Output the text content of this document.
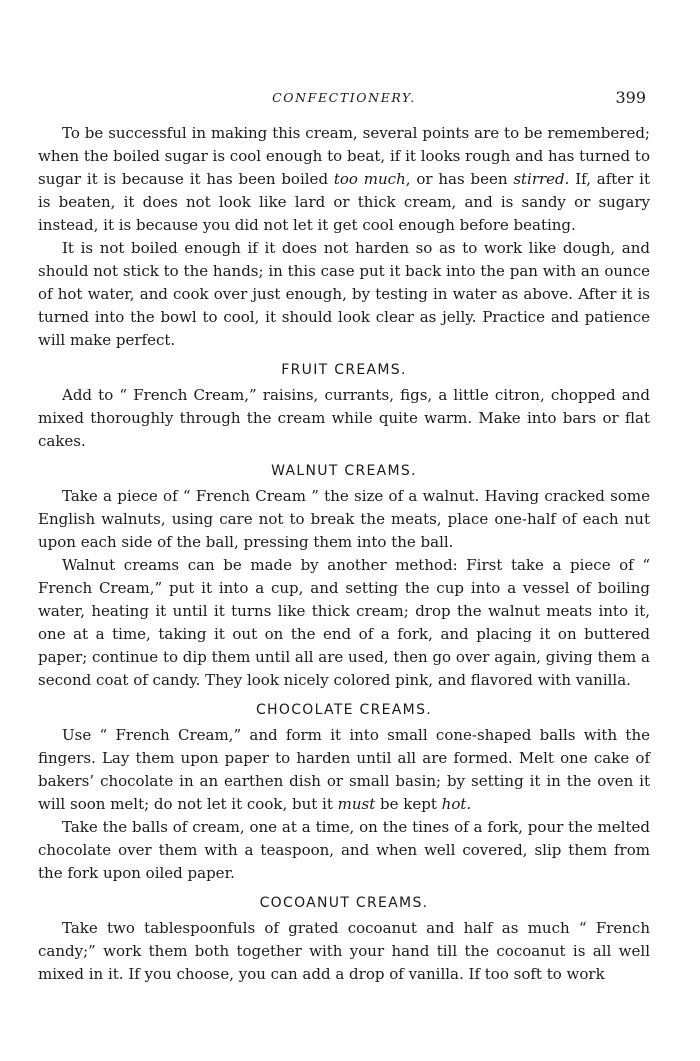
CONFECTIONERY.	399

To be successful in making this cream, several points are to be remembered; when the boiled sugar is cool enough to beat, if it looks rough and has turned to sugar it is because it has been boiled too much, or has been stirred. If, after it is beaten, it does not look like lard or thick cream, and is sandy or sugary instead, it is because you did not let it get cool enough before beating.

It is not boiled enough if it does not harden so as to work like dough, and should not stick to the hands; in this case put it back into the pan with an ounce of hot water, and cook over just enough, by testing in water as above. After it is turned into the bowl to cool, it should look clear as jelly. Practice and patience will make perfect.

FRUIT CREAMS.

Add to “ French Cream,” raisins, currants, figs, a little citron, chopped and mixed thoroughly through the cream while quite warm. Make into bars or flat cakes.

WALNUT CREAMS.

Take a piece of “ French Cream ” the size of a walnut. Having cracked some English walnuts, using care not to break the meats, place one-half of each nut upon each side of the ball, pressing them into the ball.

Walnut creams can be made by another method: First take a piece of “ French Cream,” put it into a cup, and setting the cup into a vessel of boiling water, heating it until it turns like thick cream; drop the walnut meats into it, one at a time, taking it out on the end of a fork, and placing it on buttered paper; continue to dip them until all are used, then go over again, giving them a second coat of candy. They look nicely colored pink, and flavored with vanilla.

CHOCOLATE CREAMS.

Use “ French Cream,” and form it into small cone-shaped balls with the fingers. Lay them upon paper to harden until all are formed. Melt one cake of bakers’ chocolate in an earthen dish or small basin; by setting it in the oven it will soon melt; do not let it cook, but it must be kept hot.

Take the balls of cream, one at a time, on the tines of a fork, pour the melted chocolate over them with a teaspoon, and when well covered, slip them from the fork upon oiled paper.

COCOANUT CREAMS.

Take two tablespoonfuls of grated cocoanut and half as much “ French candy;” work them both together with your hand till the cocoanut is all well mixed in it. If you choose, you can add a drop of vanilla. If too soft to work
